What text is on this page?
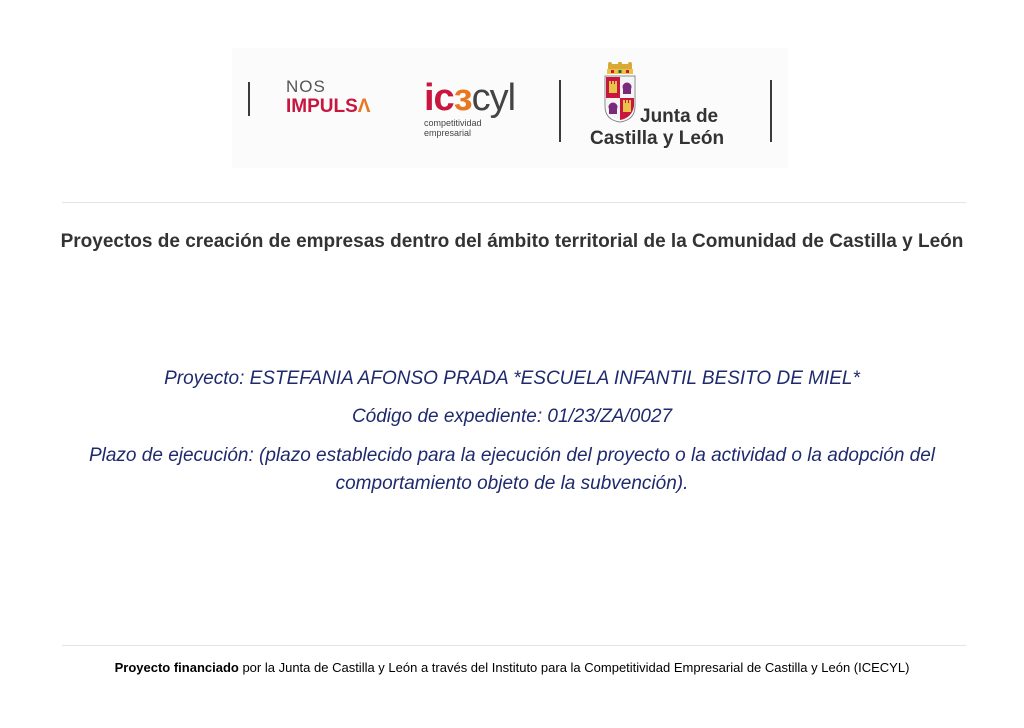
NOS
IMPULSΛ icзcyl
competitividad
empresarial
Junta de
Castilla y León
Proyectos de creación de empresas dentro del ámbito territorial de la Comunidad de Castilla y León
Proyecto: ESTEFANIA AFONSO PRADA *ESCUELA INFANTIL BESITO DE MIEL*
Código de expediente: 01/23/ZA/0027
Plazo de ejecución: (plazo establecido para la ejecución del proyecto o la actividad o la adopción del comportamiento objeto de la subvención).
Proyecto financiado por la Junta de Castilla y León a través del Instituto para la Competitividad Empresarial de Castilla y León (ICECYL)
